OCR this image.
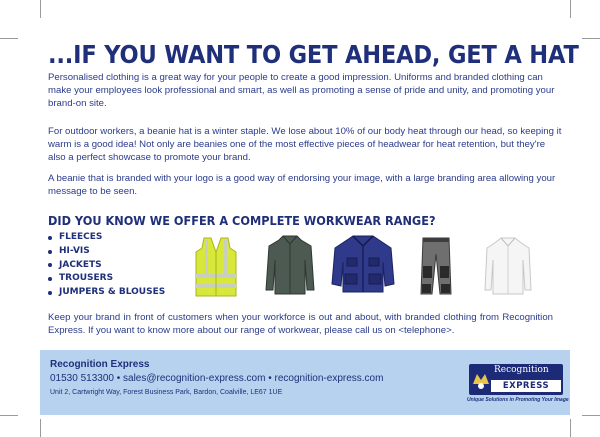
...IF YOU WANT TO GET AHEAD, GET A HAT

Personalised clothing is a great way for your people to create a good impression. Uniforms and branded clothing can make your employees look professional and smart, as well as promoting a sense of pride and unity, and promoting your brand-on site.

For outdoor workers, a beanie hat is a winter staple. We lose about 10% of our body heat through our head, so keeping it warm is a good idea! Not only are beanies one of the most effective pieces of headwear for heat retention, but they're also a perfect showcase to promote your brand.

A beanie that is branded with your logo is a good way of endorsing your image, with a large branding area allowing your message to be seen.

DID YOU KNOW WE OFFER A COMPLETE WORKWEAR RANGE?
FLEECES
HI-VIS
JACKETS
TROUSERS
JUMPERS & BLOUSES

Keep your brand in front of customers when your workforce is out and about, with branded clothing from Recognition Express. If you want to know more about our range of workwear, please call us on <telephone>.

Recognition Express
01530 513300 • sales@recognition-express.com • recognition-express.com
Unit 2, Cartwright Way, Forest Business Park, Bardon, Coalville, LE67 1UE
Recognition
EXPRESS
Unique Solutions in Promoting Your Image
